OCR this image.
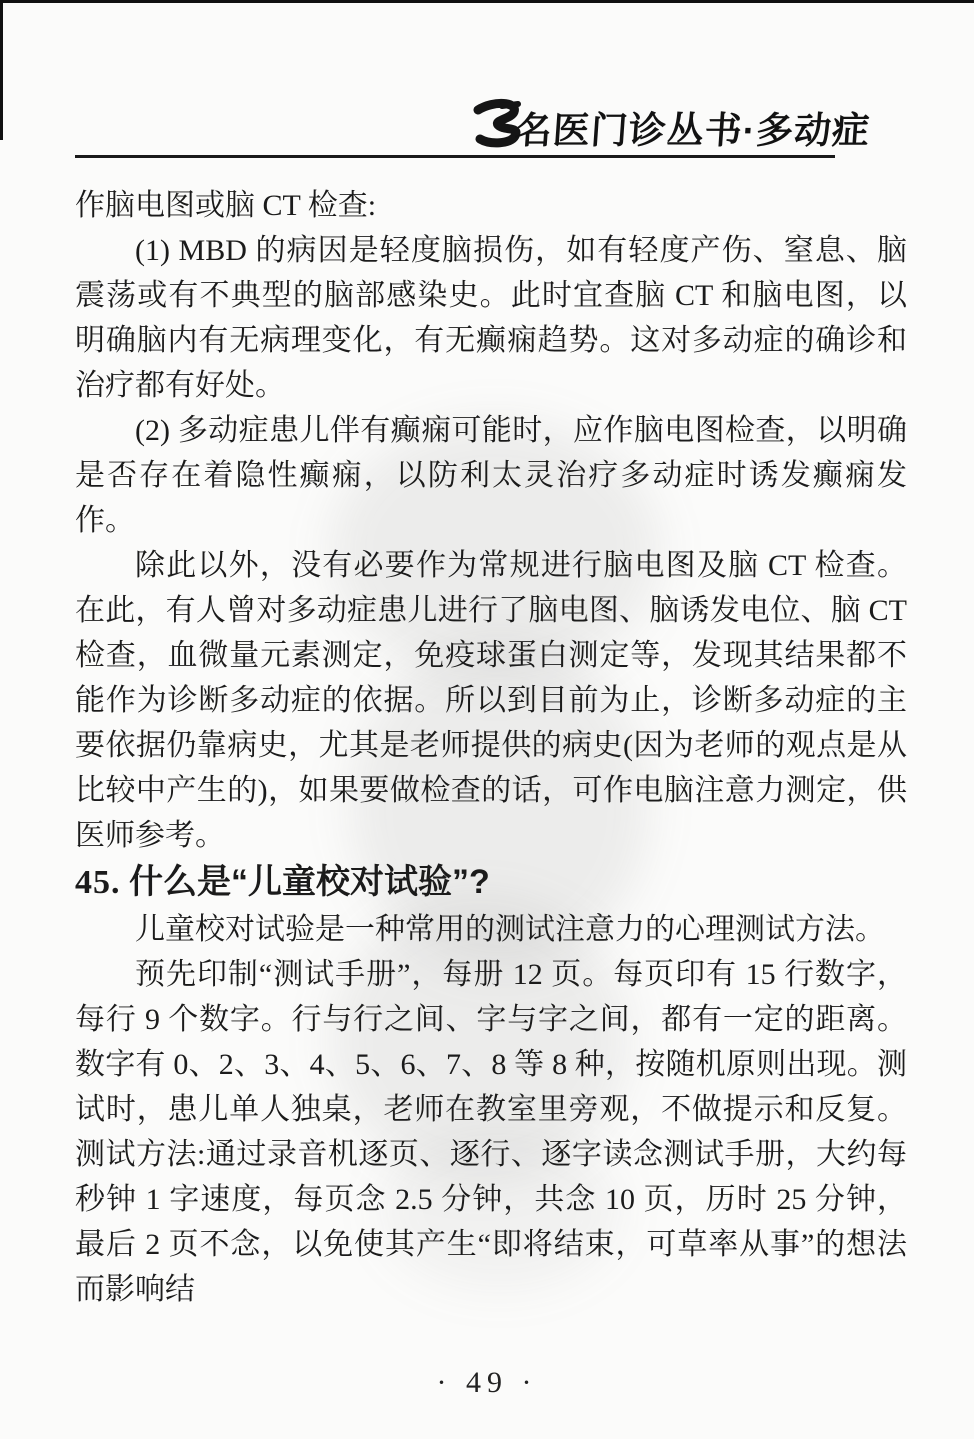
名医门诊丛书·多动症

作脑电图或脑 CT 检查:

(1) MBD 的病因是轻度脑损伤，如有轻度产伤、窒息、脑震荡或有不典型的脑部感染史。此时宜查脑 CT 和脑电图，以明确脑内有无病理变化，有无癫痫趋势。这对多动症的确诊和治疗都有好处。

(2) 多动症患儿伴有癫痫可能时，应作脑电图检查，以明确是否存在着隐性癫痫，以防利太灵治疗多动症时诱发癫痫发作。

除此以外，没有必要作为常规进行脑电图及脑 CT 检查。在此，有人曾对多动症患儿进行了脑电图、脑诱发电位、脑 CT 检查，血微量元素测定，免疫球蛋白测定等，发现其结果都不能作为诊断多动症的依据。所以到目前为止，诊断多动症的主要依据仍靠病史，尤其是老师提供的病史(因为老师的观点是从比较中产生的)，如果要做检查的话，可作电脑注意力测定，供医师参考。

45. 什么是“儿童校对试验”?

儿童校对试验是一种常用的测试注意力的心理测试方法。

预先印制“测试手册”，每册 12 页。每页印有 15 行数字，每行 9 个数字。行与行之间、字与字之间，都有一定的距离。数字有 0、2、3、4、5、6、7、8 等 8 种，按随机原则出现。测试时，患儿单人独桌，老师在教室里旁观，不做提示和反复。测试方法:通过录音机逐页、逐行、逐字读念测试手册，大约每秒钟 1 字速度，每页念 2.5 分钟，共念 10 页，历时 25 分钟，最后 2 页不念，以免使其产生“即将结束，可草率从事”的想法而影响结

· 49 ·
